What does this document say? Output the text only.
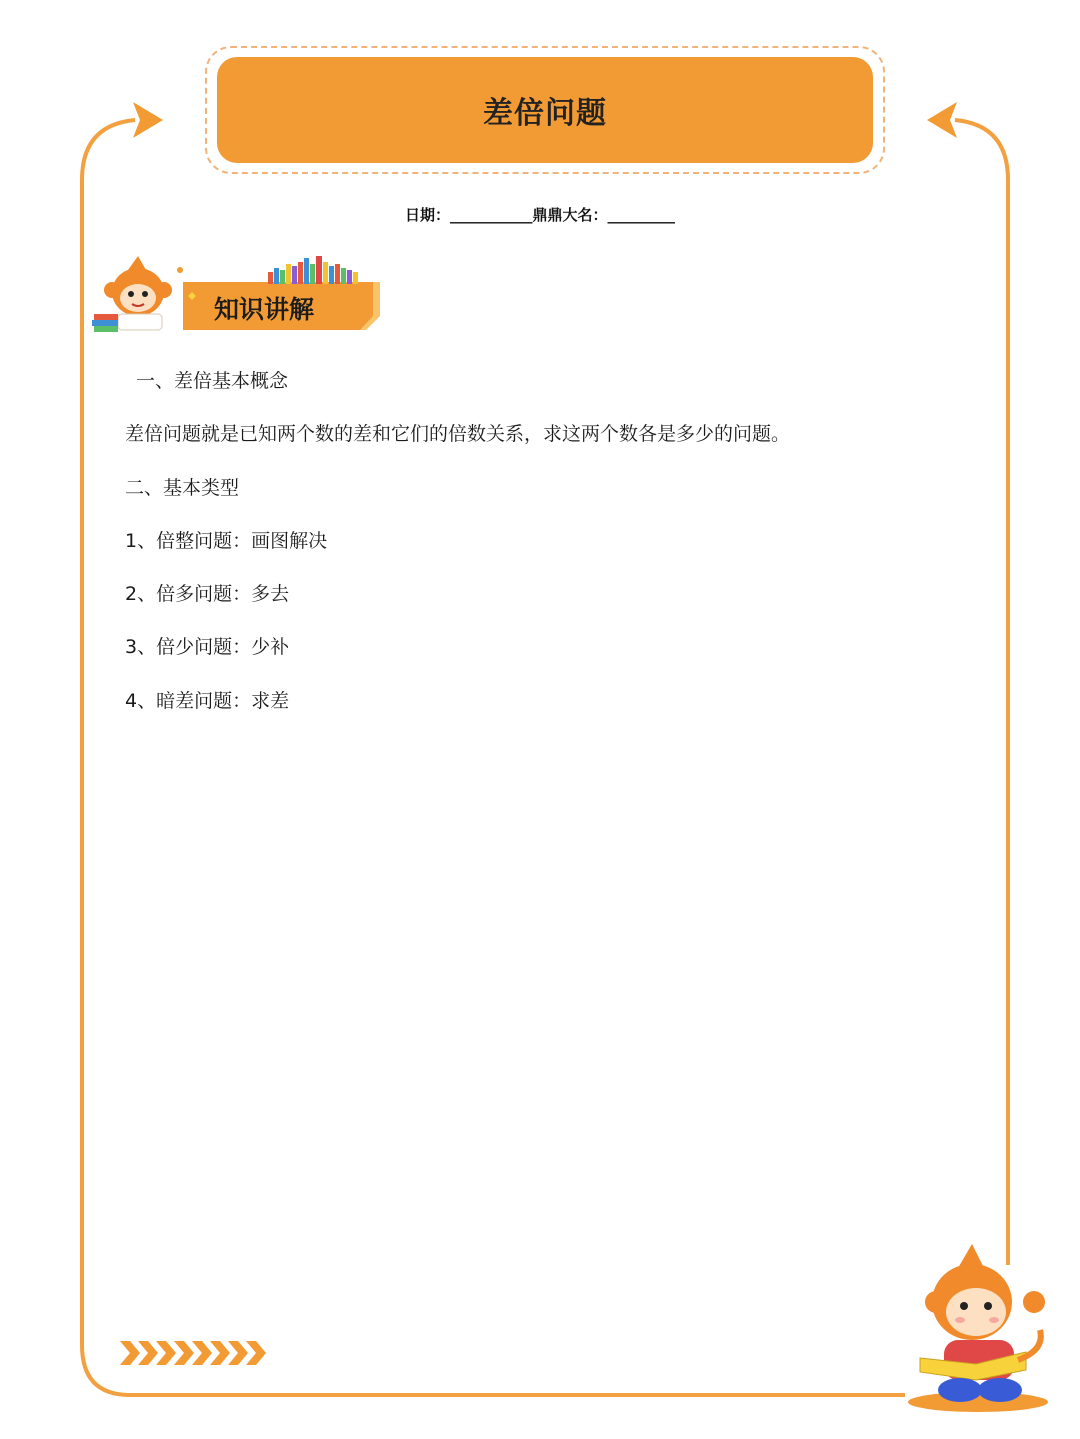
差倍问题
日期：___________鼎鼎大名：_________
知识讲解

一、差倍基本概念

差倍问题就是已知两个数的差和它们的倍数关系，求这两个数各是多少的问题。

二、基本类型

1、倍整问题：画图解决

2、倍多问题：多去

3、倍少问题：少补

4、暗差问题：求差
